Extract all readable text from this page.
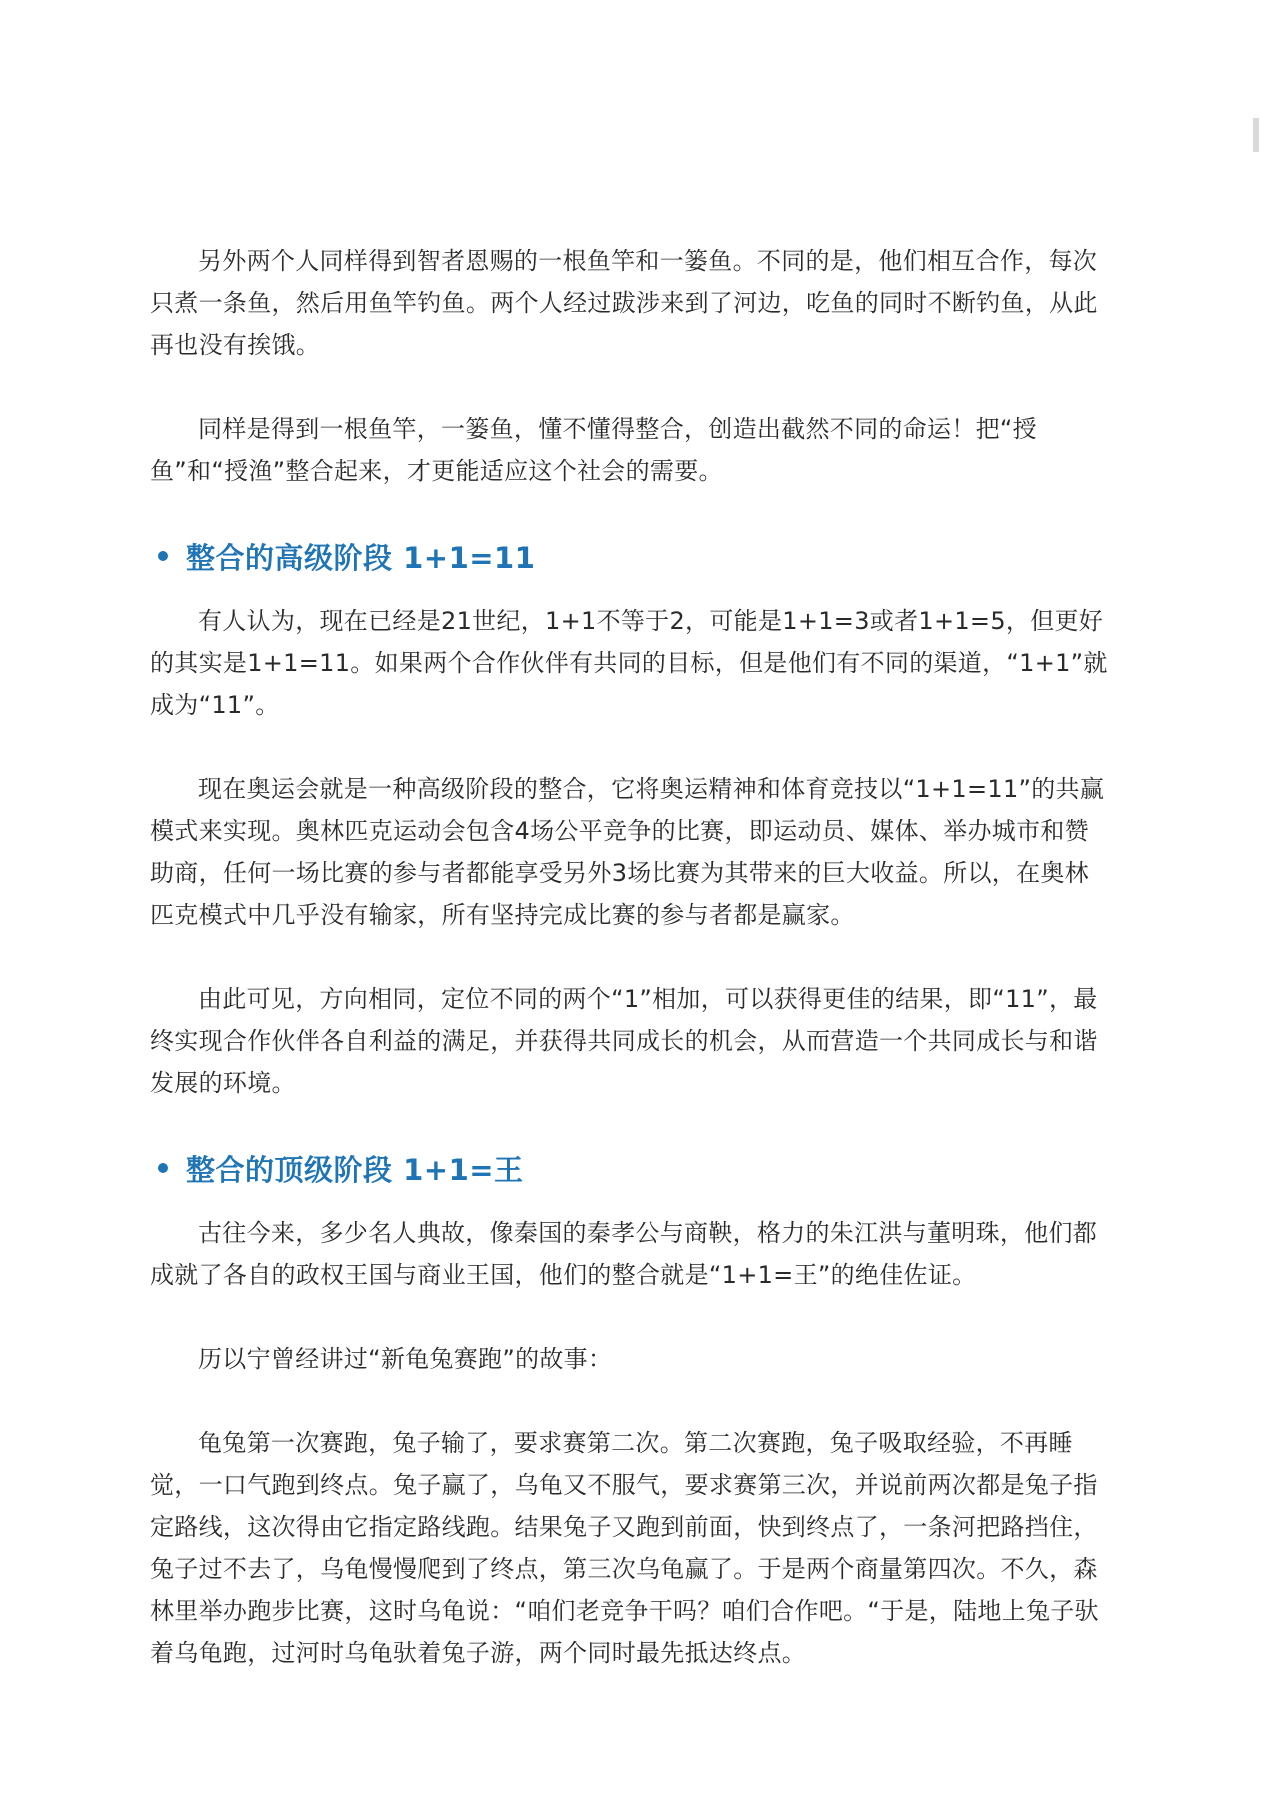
另外两个人同样得到智者恩赐的一根鱼竿和一篓鱼。不同的是，他们相互合作，每次只煮一条鱼，然后用鱼竿钓鱼。两个人经过跋涉来到了河边，吃鱼的同时不断钓鱼，从此再也没有挨饿。

同样是得到一根鱼竿，一篓鱼，懂不懂得整合，创造出截然不同的命运！把“授鱼”和“授渔”整合起来，才更能适应这个社会的需要。

整合的高级阶段 1+1=11

有人认为，现在已经是21世纪，1+1不等于2，可能是1+1=3或者1+1=5，但更好的其实是1+1=11。如果两个合作伙伴有共同的目标，但是他们有不同的渠道，“1+1”就成为“11”。

现在奥运会就是一种高级阶段的整合，它将奥运精神和体育竞技以“1+1=11”的共赢模式来实现。奥林匹克运动会包含4场公平竞争的比赛，即运动员、媒体、举办城市和赞助商，任何一场比赛的参与者都能享受另外3场比赛为其带来的巨大收益。所以，在奥林匹克模式中几乎没有输家，所有坚持完成比赛的参与者都是赢家。

由此可见，方向相同，定位不同的两个“1”相加，可以获得更佳的结果，即“11”，最终实现合作伙伴各自利益的满足，并获得共同成长的机会，从而营造一个共同成长与和谐发展的环境。

整合的顶级阶段 1+1=王

古往今来，多少名人典故，像秦国的秦孝公与商鞅，格力的朱江洪与董明珠，他们都成就了各自的政权王国与商业王国，他们的整合就是“1+1=王”的绝佳佐证。

历以宁曾经讲过“新龟兔赛跑”的故事：

龟兔第一次赛跑，兔子输了，要求赛第二次。第二次赛跑，兔子吸取经验，不再睡觉，一口气跑到终点。兔子赢了，乌龟又不服气，要求赛第三次，并说前两次都是兔子指定路线，这次得由它指定路线跑。结果兔子又跑到前面，快到终点了，一条河把路挡住，兔子过不去了，乌龟慢慢爬到了终点，第三次乌龟赢了。于是两个商量第四次。不久，森林里举办跑步比赛，这时乌龟说：“咱们老竞争干吗？咱们合作吧。“于是，陆地上兔子驮着乌龟跑，过河时乌龟驮着兔子游，两个同时最先抵达终点。
